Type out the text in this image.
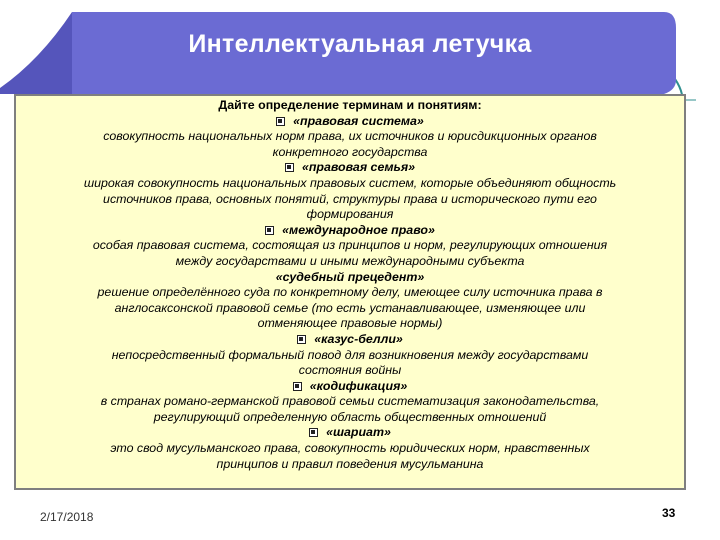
Интеллектуальная летучка
Дайте определение терминам и понятиям:
«правовая система»
совокупность национальных норм права, их источников и юрисдикционных органов
конкретного государства
«правовая семья»
широкая совокупность национальных правовых систем, которые объединяют общность
источников права, основных понятий, структуры права и исторического пути его
формирования
«международное право»
особая правовая система, состоящая из принципов и норм, регулирующих отношения
между государствами и иными международными субъекта
«судебный прецедент»
решение определённого суда по конкретному делу, имеющее силу источника права в
англосаксонской правовой семье (то есть устанавливающее, изменяющее или
отменяющее правовые нормы)
«казус-белли»
непосредственный формальный повод для возникновения между государствами
состояния войны
«кодификация»
в странах романо-германской правовой семьи систематизация законодательства,
регулирующий определенную область общественных отношений
«шариат»
это свод мусульманского права, совокупность юридических норм, нравственных
принципов и правил поведения мусульманина
2/17/2018	33
